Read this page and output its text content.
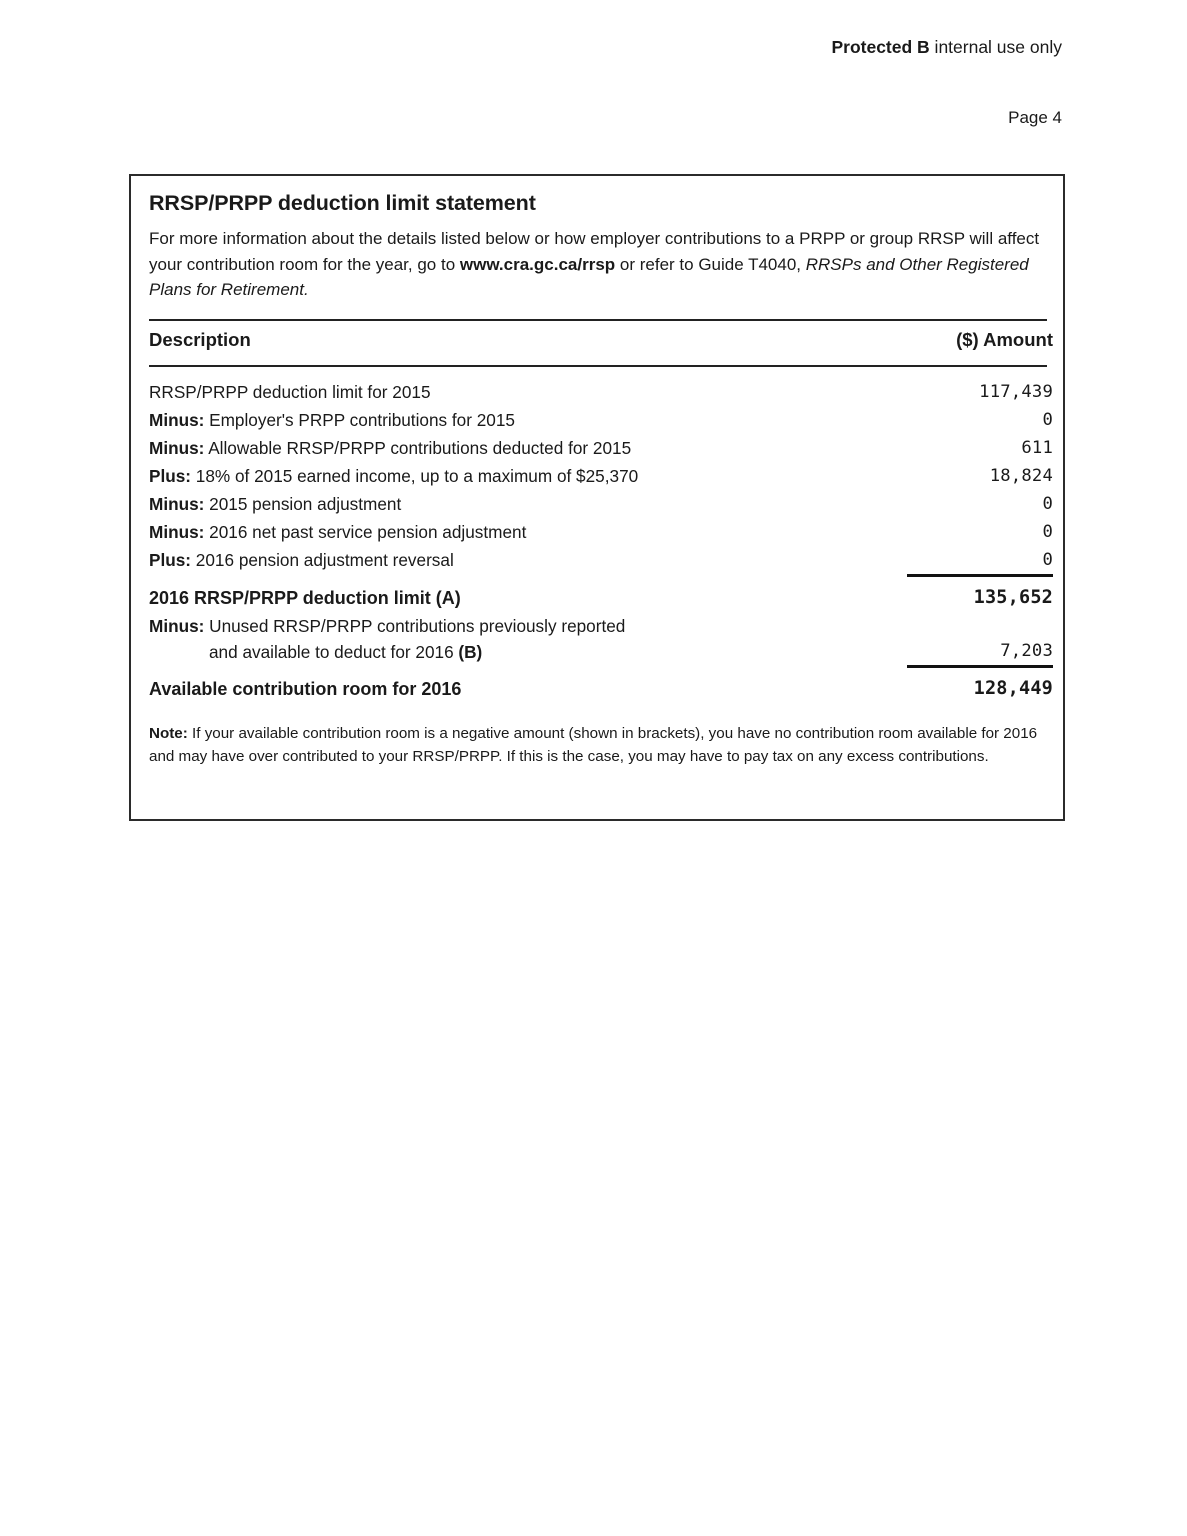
Protected B internal use only
Page 4
RRSP/PRPP deduction limit statement

For more information about the details listed below or how employer contributions to a PRPP or group RRSP will affect your contribution room for the year, go to www.cra.gc.ca/rrsp or refer to Guide T4040, RRSPs and Other Registered Plans for Retirement.

Description	($) Amount

RRSP/PRPP deduction limit for 2015	117,439
Minus: Employer's PRPP contributions for 2015	0
Minus: Allowable RRSP/PRPP contributions deducted for 2015	611
Plus: 18% of 2015 earned income, up to a maximum of $25,370	18,824
Minus: 2015 pension adjustment	0
Minus: 2016 net past service pension adjustment	0
Plus: 2016 pension adjustment reversal	0

2016 RRSP/PRPP deduction limit (A)	135,652
Minus: Unused RRSP/PRPP contributions previously reported
and available to deduct for 2016 (B)	7,203

Available contribution room for 2016	128,449

Note: If your available contribution room is a negative amount (shown in brackets), you have no contribution room available for 2016 and may have over contributed to your RRSP/PRPP. If this is the case, you may have to pay tax on any excess contributions.
